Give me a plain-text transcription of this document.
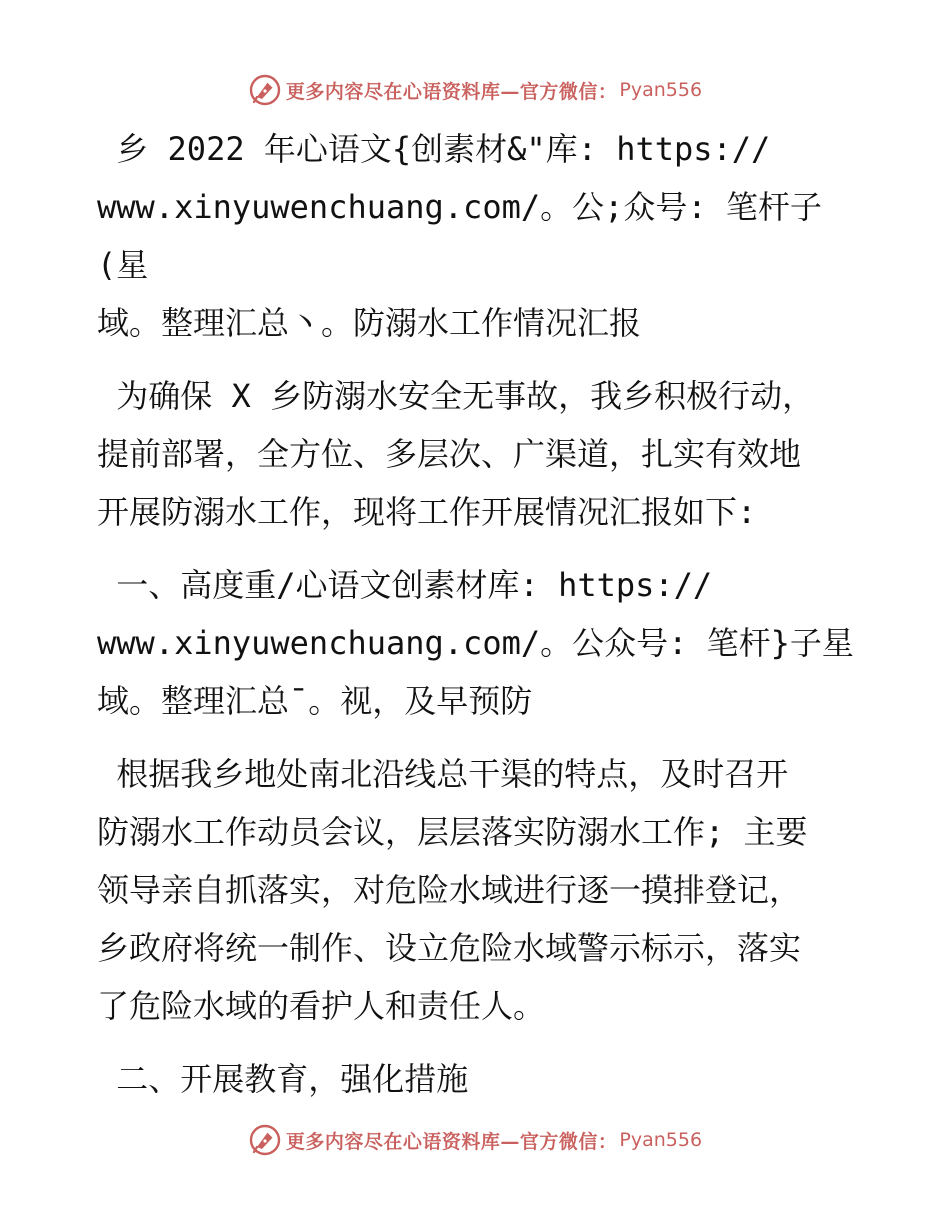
更多内容尽在心语资料库—官方微信： Pyan556

乡 2022 年心语文{创素材&"库: https://
www.xinyuwenchuang.com/。公;众号: 笔杆子(星
域。整理汇总丶。防溺水工作情况汇报

为确保 X 乡防溺水安全无事故，我乡积极行动，
提前部署，全方位、多层次、广渠道，扎实有效地
开展防溺水工作，现将工作开展情况汇报如下:

一、高度重/心语文创素材库: https://
www.xinyuwenchuang.com/。公众号: 笔杆}子星
域。整理汇总¯。视，及早预防

根据我乡地处南北沿线总干渠的特点，及时召开
防溺水工作动员会议，层层落实防溺水工作; 主要
领导亲自抓落实，对危险水域进行逐一摸排登记，
乡政府将统一制作、设立危险水域警示标示，落实
了危险水域的看护人和责任人。

二、开展教育，强化措施

更多内容尽在心语资料库—官方微信： Pyan556
